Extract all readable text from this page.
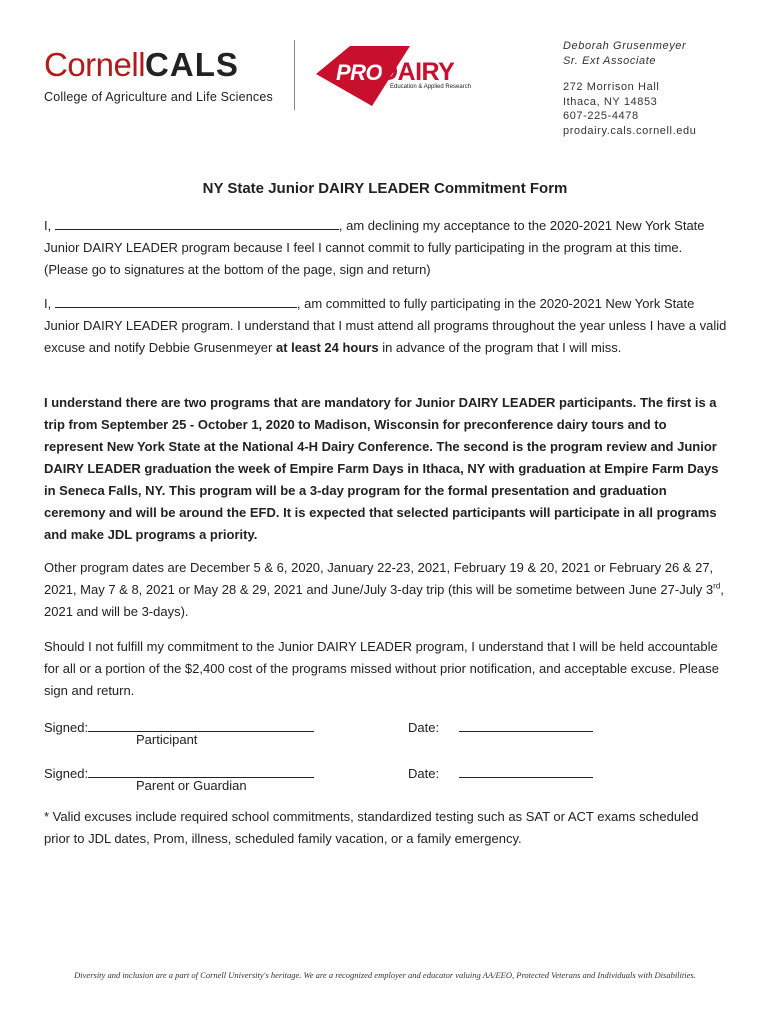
CornellCALS
College of Agriculture and Life Sciences
PRO
DAIRY
Education & Applied Research
Deborah Grusenmeyer
Sr. Ext Associate
272 Morrison Hall
Ithaca, NY 14853
607-225-4478
prodairy.cals.cornell.edu
NY State Junior DAIRY LEADER Commitment Form
I,	, am declining my acceptance to the 2020-2021 New York State Junior DAIRY LEADER program because I feel I cannot commit to fully participating in the program at this time. (Please go to signatures at the bottom of the page, sign and return)
I,	, am committed to fully participating in the 2020-2021 New York State Junior DAIRY LEADER program. I understand that I must attend all programs throughout the year unless I have a valid excuse and notify Debbie Grusenmeyer at least 24 hours in advance of the program that I will miss.
I understand there are two programs that are mandatory for Junior DAIRY LEADER participants. The first is a trip from September 25 - October 1, 2020 to Madison, Wisconsin for preconference dairy tours and to represent New York State at the National 4-H Dairy Conference. The second is the program review and Junior DAIRY LEADER graduation the week of Empire Farm Days in Ithaca, NY with graduation at Empire Farm Days in Seneca Falls, NY. This program will be a 3-day program for the formal presentation and graduation ceremony and will be around the EFD. It is expected that selected participants will participate in all programs and make JDL programs a priority.
Other program dates are December 5 & 6, 2020, January 22-23, 2021, February 19 & 20, 2021 or February 26 & 27, 2021, May 7 & 8, 2021 or May 28 & 29, 2021 and June/July 3-day trip (this will be sometime between June 27-July 3rd, 2021 and will be 3-days).
Should I not fulfill my commitment to the Junior DAIRY LEADER program, I understand that I will be held accountable for all or a portion of the $2,400 cost of the programs missed without prior notification, and acceptable excuse. Please sign and return.
Signed:
Participant
Date:
Signed:
Parent or Guardian
Date:
* Valid excuses include required school commitments, standardized testing such as SAT or ACT exams scheduled prior to JDL dates, Prom, illness, scheduled family vacation, or a family emergency.
Diversity and inclusion are a part of Cornell University's heritage. We are a recognized employer and educator valuing AA/EEO, Protected Veterans and Individuals with Disabilities.
